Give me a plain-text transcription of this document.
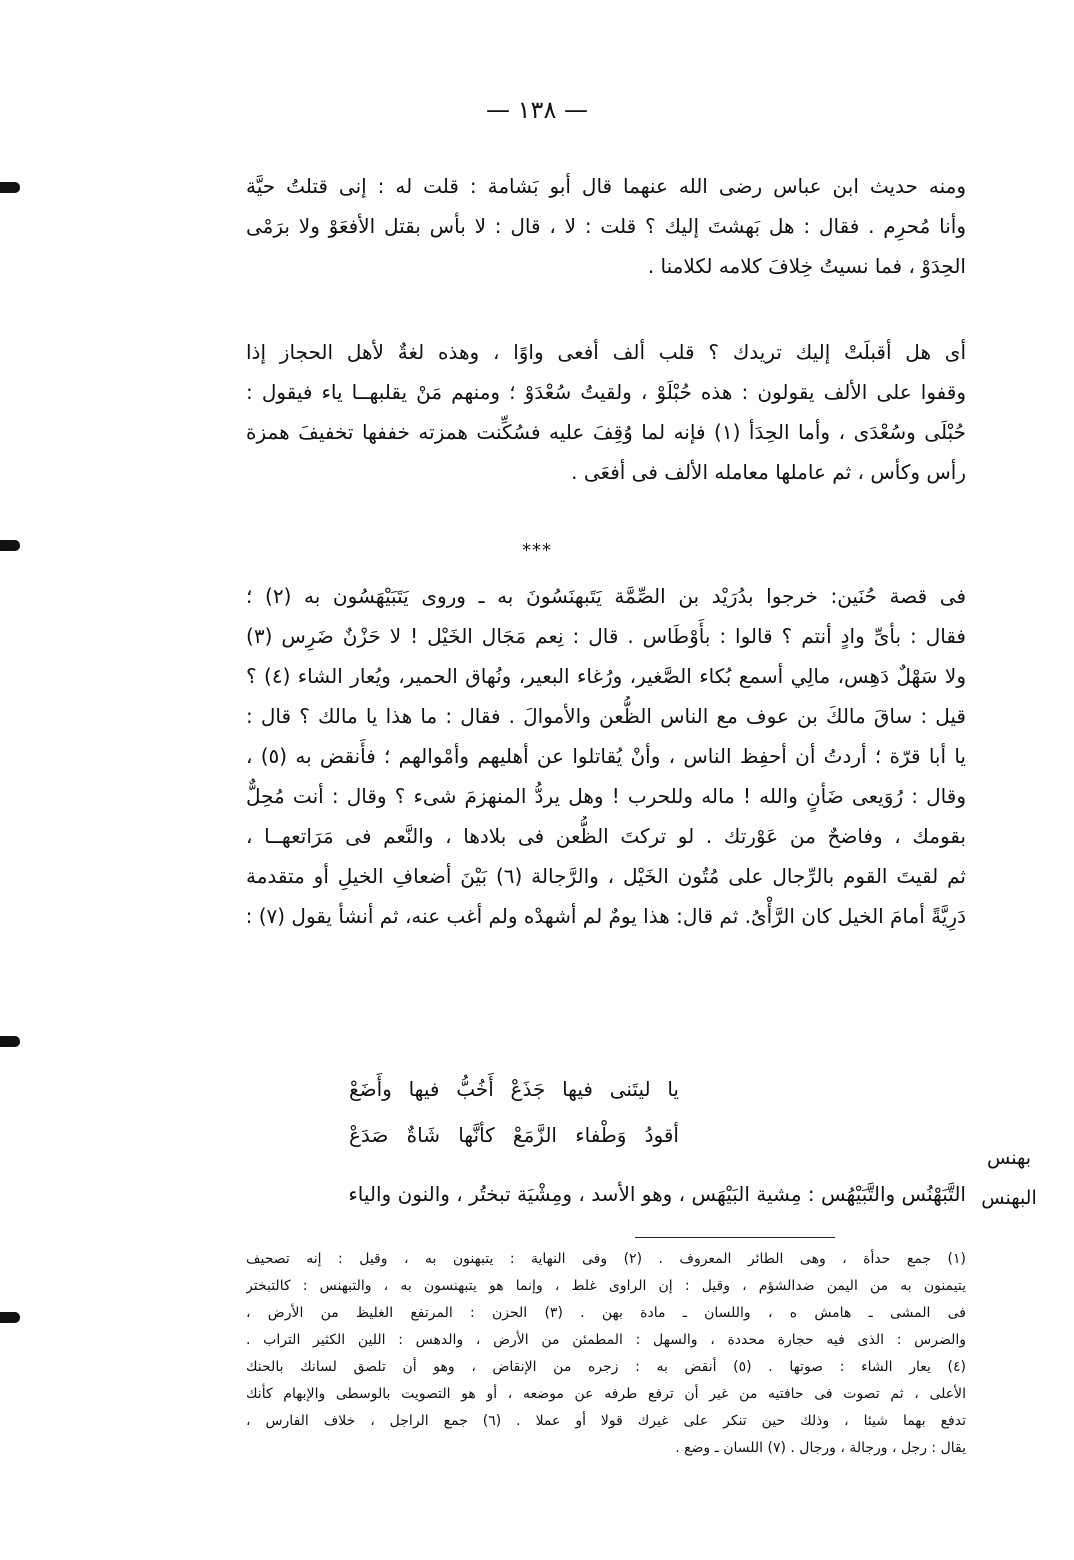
— ١٣٨ —
ومنه حديث ابن عباس رضى الله عنهما قال أبو بَشامة : قلت له : إنى قتلتُ حيَّة
وأنا مُحرِم . فقال : هل بَهشتَ إليك ؟ قلت : لا ، قال : لا بأس بقتل الأفعَوْ ولا برَمْى
الحِدَوْ ، فما نسيتُ خِلافَ كلامه لكلامنا .
أى هل أقبلَتْ إليك تريدك ؟ قلب ألف أفعى واوًا ، وهذه لغةٌ لأهل الحجاز إذا
وقفوا على الألف يقولون : هذه حُبْلَوْ ، ولقيتُ سُعْدَوْ ؛ ومنهم مَنْ يقلبهــا ياء فيقول :
حُبْلَى وسُعْدَى ، وأما الحِدَأ (١) فإنه لما وُقِفَ عليه فسُكِّنت همزته خففها تخفيفَ همزة
رأس وكأس ، ثم عاملها معامله الألف فى أفعَى .
***
فى قصة حُنَين: خرجوا بدُرَيْد بن الصِّمَّة يَتَبهنَسُونَ به ـ وروى يَتَبَيْهَسُون به (٢) ؛
فقال : بأىِّ وادٍ أنتم ؟ قالوا : بأَوْطَاس . قال : نِعم مَجَال الخَيْل ! لا حَزْنٌ ضَرِس (٣)
ولا سَهْلٌ دَهِس، مالِي أسمع بُكاء الصَّغير، ورُغاء البعير، ونُهاق الحمير، ويُعار الشاء (٤) ؟
قيل : ساقَ مالكَ بن عوف مع الناس الظُّعن والأموالَ . فقال : ما هذا يا مالك ؟ قال :
يا أبا قرّة ؛ أردتُ أن أحفِظ الناس ، وأنْ يُقاتلوا عن أهليهم وأمْوالهم ؛ فأَنقض به (٥) ،
وقال : رُوَيعى ضَأنٍ والله ! ماله وللحرب ! وهل يردُّ المنهزمَ شىء ؟ وقال : أنت مُحِلٌّ
بقومك ، وفاضحٌ من عَوْرتك . لو تركتَ الظُّعن فى بلادها ، والنَّعم فى مَرَاتعهــا ،
ثم لقيتَ القوم بالرِّجال على مُتُون الخَيْل ، والرَّجالة (٦) بَيْنَ أضعافِ الخيلِ أو متقدمة
دَرِيَّةً أمامَ الخيل كان الرَّأْىُ. ثم قال: هذا يومٌ لم أشهدْه ولم أغب عنه، ثم أنشأ يقول (٧) :
يا ليتَنى فيها جَذَعْ أَخُبُّ فيها وأَضَعْ
أقودُ وَطْفاء الزَّمَعْ كأنَّها شَاةٌ صَدَعْ
التَّبَهْنُس والتَّبَيْهُس : مِشية البَيْهَس ، وهو الأسد ، ومِشْيَة تبختُر ، والنون والياء
بهنس
البهنس
(١) جمع حدأة ، وهى الطائر المعروف . (٢) وفى النهاية : يتبهنون به ، وقيل : إنه تصحيف
يتيمنون به من اليمن ضدالشؤم ، وقيل : إن الراوى غلط ، وإنما هو يتبهنسون به ، والتبهنس : كالتبختر
فى المشى ـ هامش ه ، واللسان ـ مادة بهن . (٣) الحزن : المرتفع الغليظ من الأرض ،
والضرس : الذى فيه حجارة محددة ، والسهل : المطمئن من الأرض ، والدهس : اللين الكثير التراب .
(٤) يعار الشاء : صوتها . (٥) أنقض به : زجره من الإنقاض ، وهو أن تلصق لسانك بالحنك
الأعلى ، ثم تصوت فى حافتيه من غير أن ترفع طرفه عن موضعه ، أو هو التصويت بالوسطى والإبهام كأنك
تدفع بهما شيئا ، وذلك حين تنكر على غيرك قولا أو عملا . (٦) جمع الراجل ، خلاف الفارس ،
يقال : رجل ، ورجالة ، ورجال . (٧) اللسان ـ وضع .
